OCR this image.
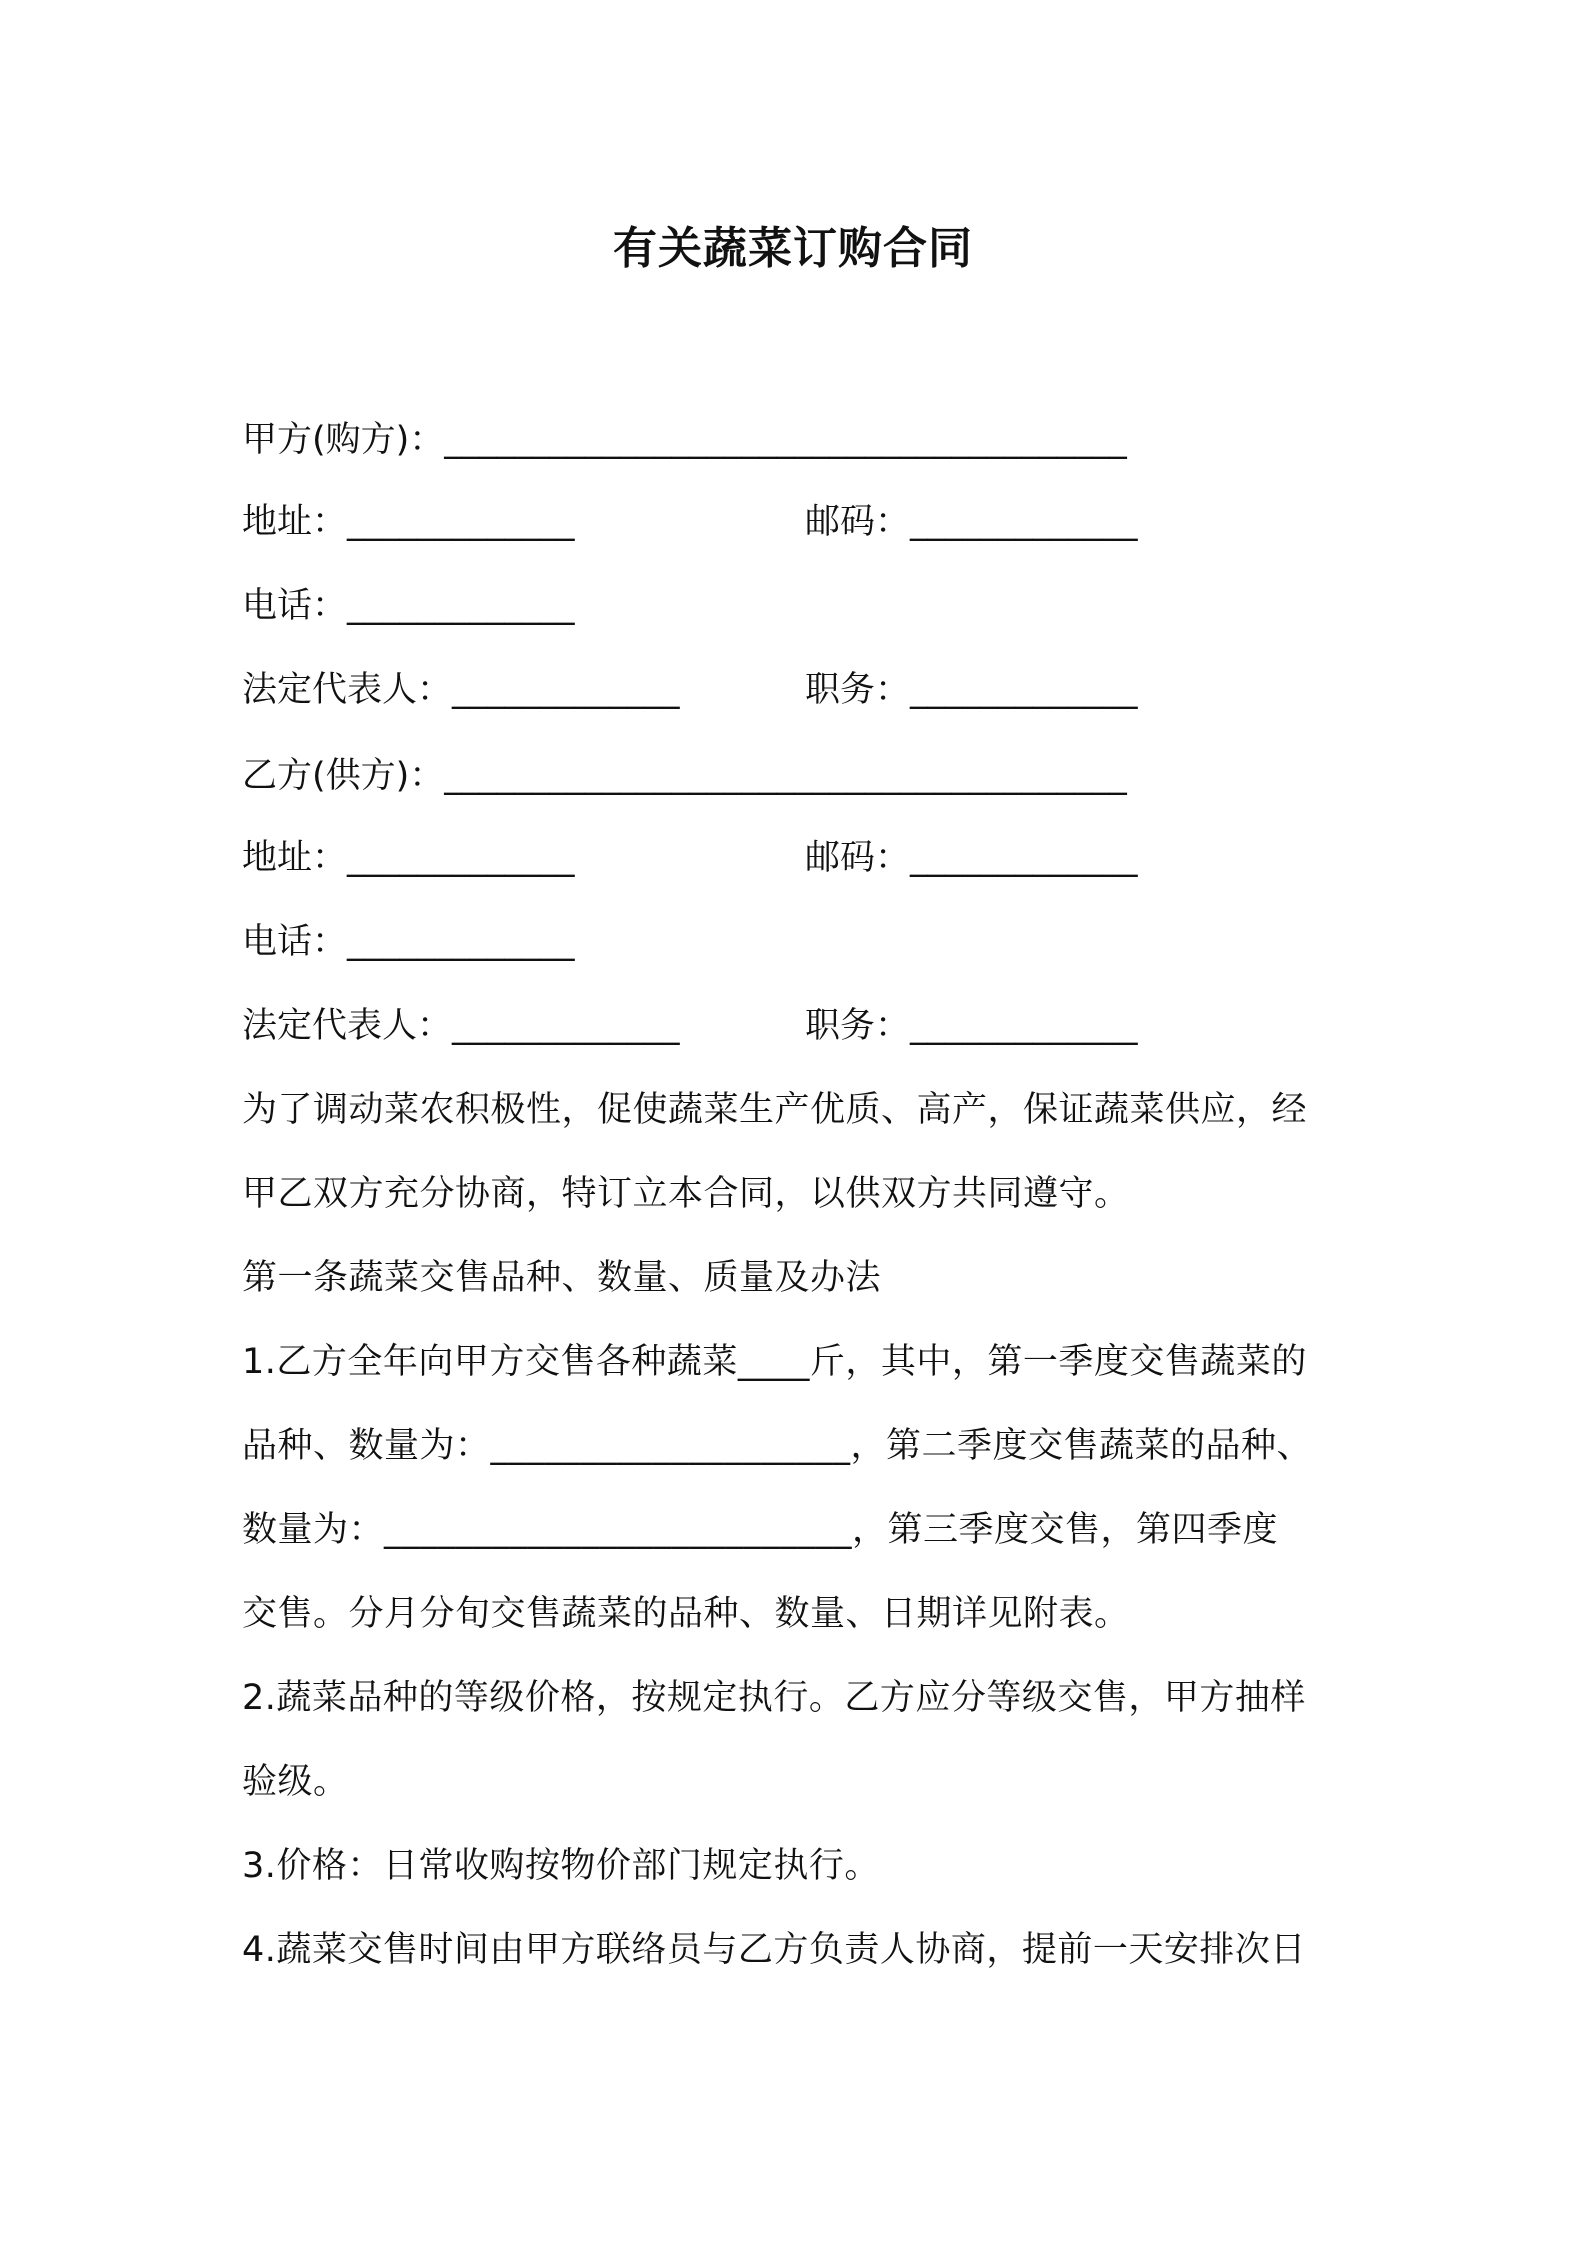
有关蔬菜订购合同
甲方(购方)：_______________________________________
地址：_____________	邮码：_____________
电话：_____________
法定代表人：_____________	职务：_____________
乙方(供方)：_______________________________________
地址：_____________	邮码：_____________
电话：_____________
法定代表人：_____________	职务：_____________
为了调动菜农积极性，促使蔬菜生产优质、高产，保证蔬菜供应，经
甲乙双方充分协商，特订立本合同，以供双方共同遵守。
第一条蔬菜交售品种、数量、质量及办法
1.乙方全年向甲方交售各种蔬菜____斤，其中，第一季度交售蔬菜的
品种、数量为：____________________，第二季度交售蔬菜的品种、
数量为：__________________________，第三季度交售，第四季度
交售。分月分旬交售蔬菜的品种、数量、日期详见附表。
2.蔬菜品种的等级价格，按规定执行。乙方应分等级交售，甲方抽样
验级。
3.价格：日常收购按物价部门规定执行。
4.蔬菜交售时间由甲方联络员与乙方负责人协商，提前一天安排次日
